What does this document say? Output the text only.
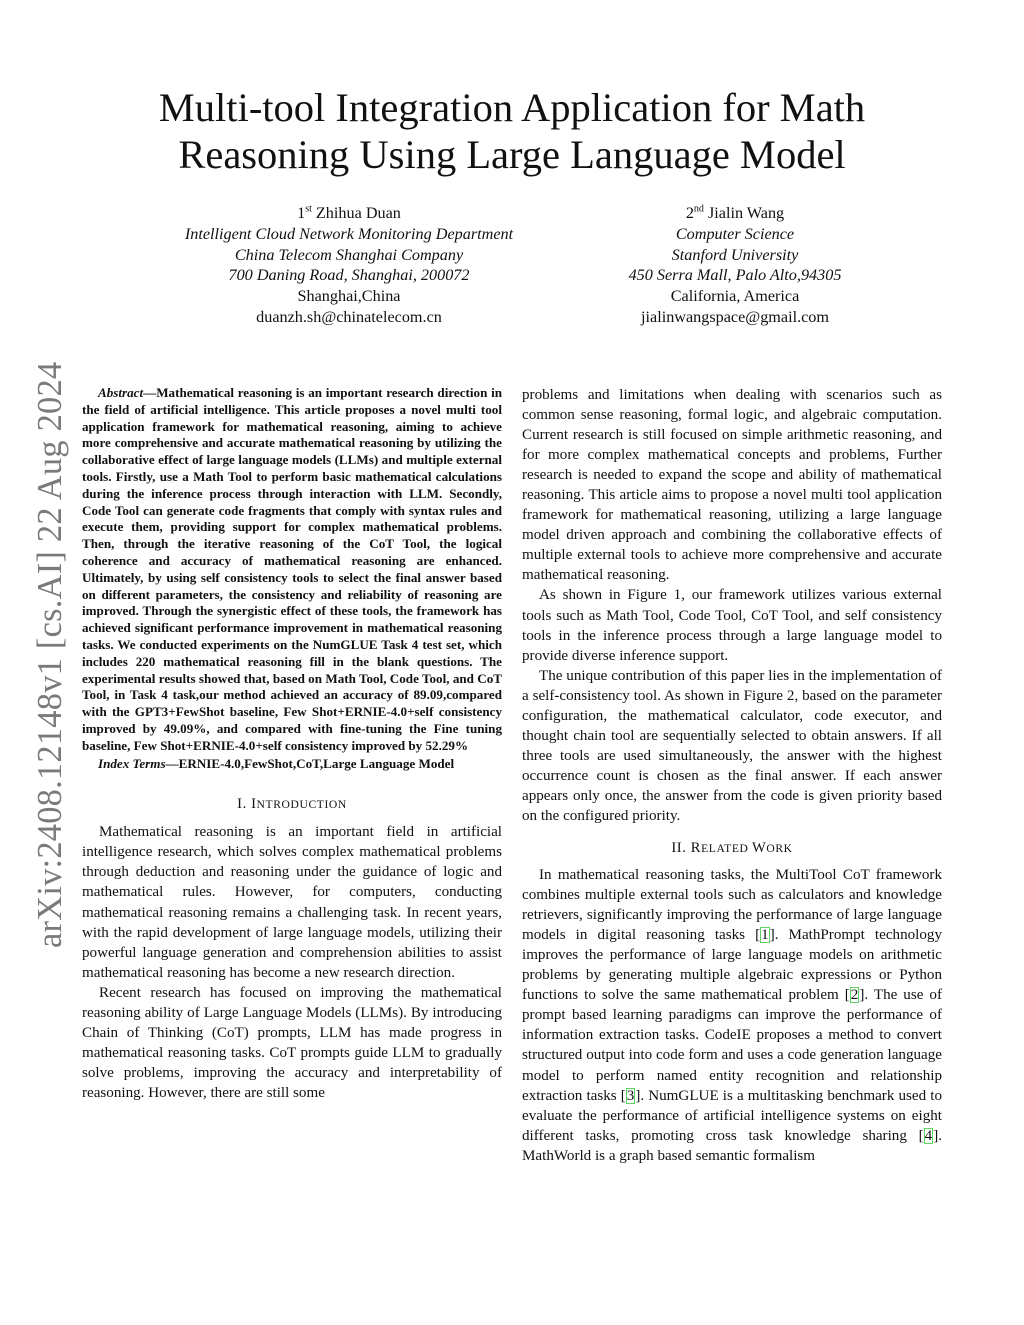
arXiv:2408.12148v1 [cs.AI] 22 Aug 2024
Multi-tool Integration Application for Math Reasoning Using Large Language Model
1st Zhihua Duan
Intelligent Cloud Network Monitoring Department
China Telecom Shanghai Company
700 Daning Road, Shanghai, 200072
Shanghai,China
duanzh.sh@chinatelecom.cn
2nd Jialin Wang
Computer Science
Stanford University
450 Serra Mall, Palo Alto,94305
California, America
jialinwangspace@gmail.com

Abstract—Mathematical reasoning is an important research direction in the field of artificial intelligence. This article proposes a novel multi tool application framework for mathematical reasoning, aiming to achieve more comprehensive and accurate mathematical reasoning by utilizing the collaborative effect of large language models (LLMs) and multiple external tools. Firstly, use a Math Tool to perform basic mathematical calculations during the inference process through interaction with LLM. Secondly, Code Tool can generate code fragments that comply with syntax rules and execute them, providing support for complex mathematical problems. Then, through the iterative reasoning of the CoT Tool, the logical coherence and accuracy of mathematical reasoning are enhanced. Ultimately, by using self consistency tools to select the final answer based on different parameters, the consistency and reliability of reasoning are improved. Through the synergistic effect of these tools, the framework has achieved significant performance improvement in mathematical reasoning tasks. We conducted experiments on the NumGLUE Task 4 test set, which includes 220 mathematical reasoning fill in the blank questions. The experimental results showed that, based on Math Tool, Code Tool, and CoT Tool, in Task 4 task,our method achieved an accuracy of 89.09,compared with the GPT3+FewShot baseline, Few Shot+ERNIE-4.0+self consistency improved by 49.09%, and compared with fine-tuning the Fine tuning baseline, Few Shot+ERNIE-4.0+self consistency improved by 52.29%

Index Terms—ERNIE-4.0,FewShot,CoT,Large Language Model

I. INTRODUCTION

Mathematical reasoning is an important field in artificial intelligence research, which solves complex mathematical problems through deduction and reasoning under the guidance of logic and mathematical rules. However, for computers, conducting mathematical reasoning remains a challenging task. In recent years, with the rapid development of large language models, utilizing their powerful language generation and comprehension abilities to assist mathematical reasoning has become a new research direction.

Recent research has focused on improving the mathematical reasoning ability of Large Language Models (LLMs). By introducing Chain of Thinking (CoT) prompts, LLM has made progress in mathematical reasoning tasks. CoT prompts guide LLM to gradually solve problems, improving the accuracy and interpretability of reasoning. However, there are still some

problems and limitations when dealing with scenarios such as common sense reasoning, formal logic, and algebraic computation. Current research is still focused on simple arithmetic reasoning, and for more complex mathematical concepts and problems, Further research is needed to expand the scope and ability of mathematical reasoning. This article aims to propose a novel multi tool application framework for mathematical reasoning, utilizing a large language model driven approach and combining the collaborative effects of multiple external tools to achieve more comprehensive and accurate mathematical reasoning.

As shown in Figure 1, our framework utilizes various external tools such as Math Tool, Code Tool, CoT Tool, and self consistency tools in the inference process through a large language model to provide diverse inference support.

The unique contribution of this paper lies in the implementation of a self-consistency tool. As shown in Figure 2, based on the parameter configuration, the mathematical calculator, code executor, and thought chain tool are sequentially selected to obtain answers. If all three tools are used simultaneously, the answer with the highest occurrence count is chosen as the final answer. If each answer appears only once, the answer from the code is given priority based on the configured priority.

II. RELATED WORK

In mathematical reasoning tasks, the MultiTool CoT framework combines multiple external tools such as calculators and knowledge retrievers, significantly improving the performance of large language models in digital reasoning tasks [1]. MathPrompt technology improves the performance of large language models on arithmetic problems by generating multiple algebraic expressions or Python functions to solve the same mathematical problem [2]. The use of prompt based learning paradigms can improve the performance of information extraction tasks. CodeIE proposes a method to convert structured output into code form and uses a code generation language model to perform named entity recognition and relationship extraction tasks [3]. NumGLUE is a multitasking benchmark used to evaluate the performance of artificial intelligence systems on eight different tasks, promoting cross task knowledge sharing [4]. MathWorld is a graph based semantic formalism
